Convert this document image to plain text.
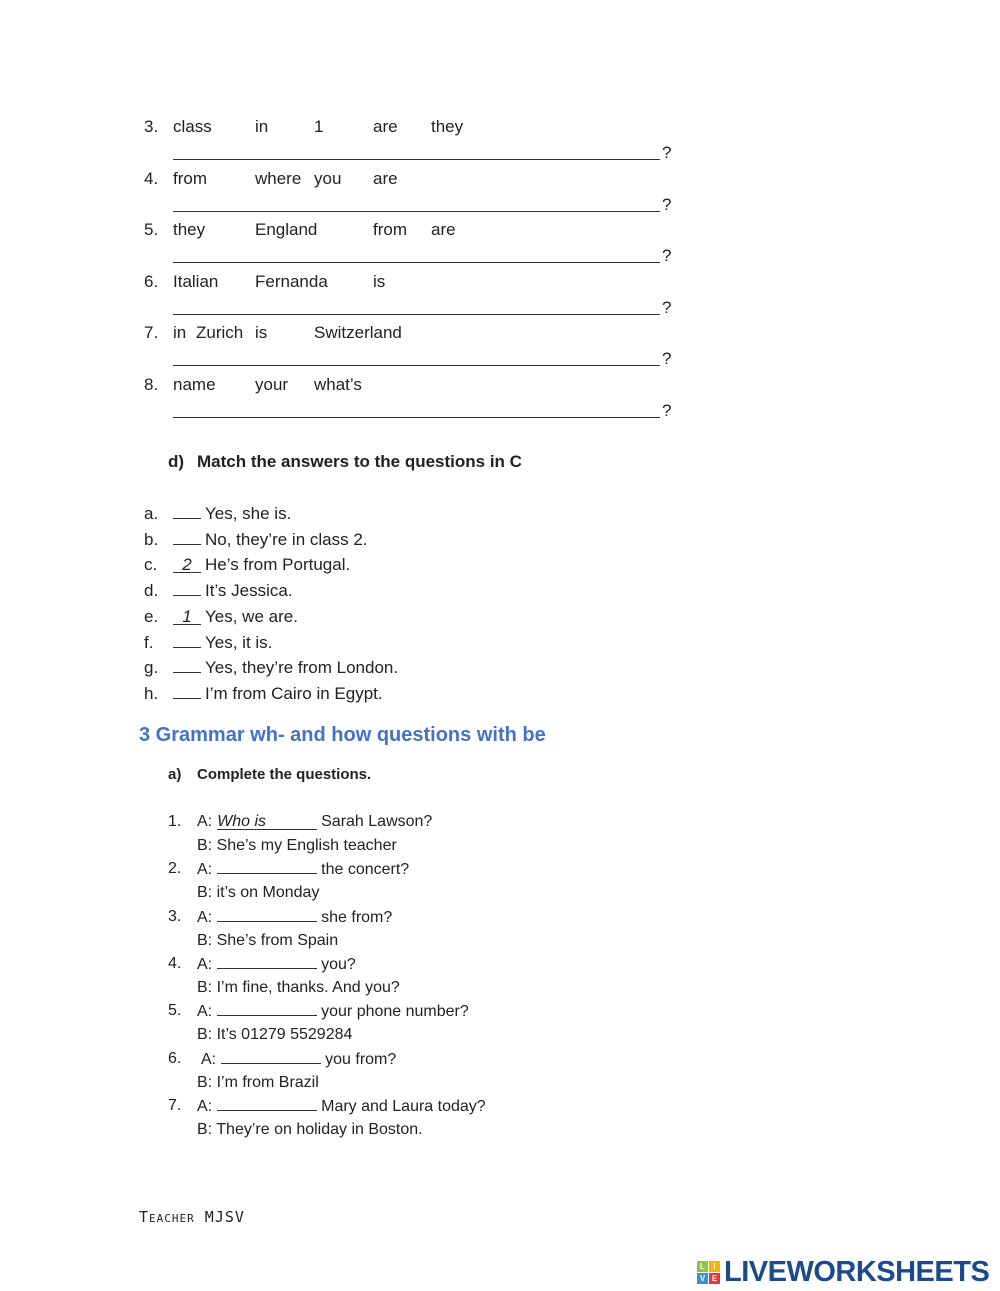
3. class	in	1	are they
?
4. from	where you are
?
5. they	England	from are
?
6. Italian Fernanda	is
?
7. in Zurich is	Switzerland
?
8. name your what’s
?
d) Match the answers to the questions in C
a.	Yes, she is.
b.	No, they’re in class 2.
c.	2 He’s from Portugal.
d.	It’s Jessica.
e.	1 Yes, we are.
f.	Yes, it is.
g.	Yes, they’re from London.
h.	I’m from Cairo in Egypt.
3 Grammar wh- and how questions with be
a) Complete the questions.
1. A: Who is	Sarah Lawson?
B: She’s my English teacher
2. A:	the concert?
B: it’s on Monday
3. A:	she from?
B: She’s from Spain
4. A:	you?
B: I’m fine, thanks. And you?
5. A:	your phone number?
B: It’s 01279 5529284
6. A:	you from?
B: I’m from Brazil
7. A:	Mary and Laura today?
B: They’re on holiday in Boston.
Teacher MJSV
L	I
V E LIVEWORKSHEETS
